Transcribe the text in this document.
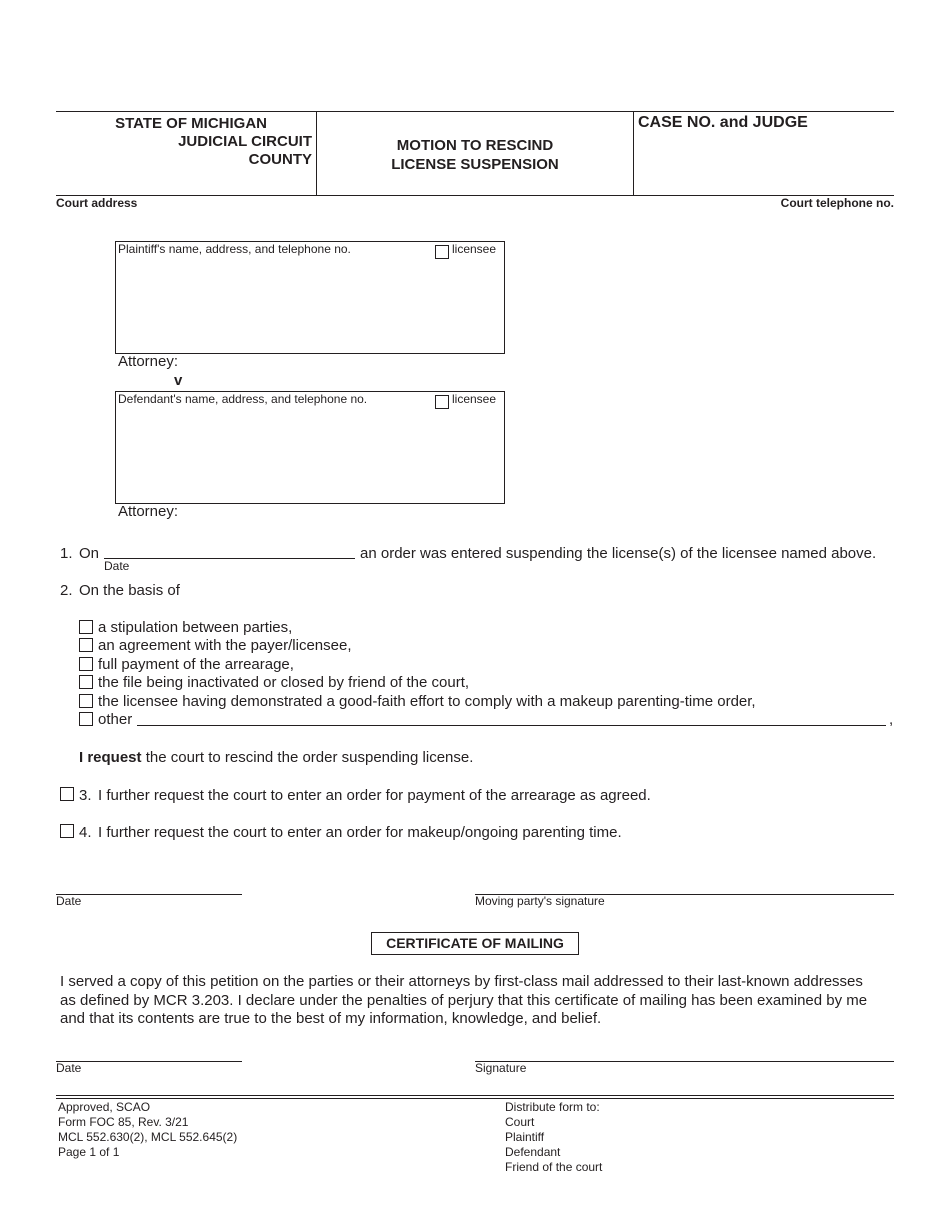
STATE OF MICHIGAN
JUDICIAL CIRCUIT
COUNTY
MOTION TO RESCIND
LICENSE SUSPENSION
CASE NO. and JUDGE
Court address	Court telephone no.
Plaintiff's name, address, and telephone no.	licensee
Attorney:
v
Defendant's name, address, and telephone no.	licensee
Attorney:
1. On
Date
an order was entered suspending the license(s) of the licensee named above.
2. On the basis of
a stipulation between parties,
an agreement with the payer/licensee,
full payment of the arrearage,
the file being inactivated or closed by friend of the court,
the licensee having demonstrated a good-faith effort to comply with a makeup parenting-time order,
other	,
I request the court to rescind the order suspending license.
3. I further request the court to enter an order for payment of the arrearage as agreed.
4. I further request the court to enter an order for makeup/ongoing parenting time.
Date	Moving party's signature
CERTIFICATE OF MAILING
I served a copy of this petition on the parties or their attorneys by first-class mail addressed to their last-known addresses
as defined by MCR 3.203. I declare under the penalties of perjury that this certificate of mailing has been examined by me
and that its contents are true to the best of my information, knowledge, and belief.
Date	Signature
Approved, SCAO
Form FOC 85, Rev. 3/21
MCL 552.630(2), MCL 552.645(2)
Page 1 of 1
Distribute form to:
Court
Plaintiff
Defendant
Friend of the court
